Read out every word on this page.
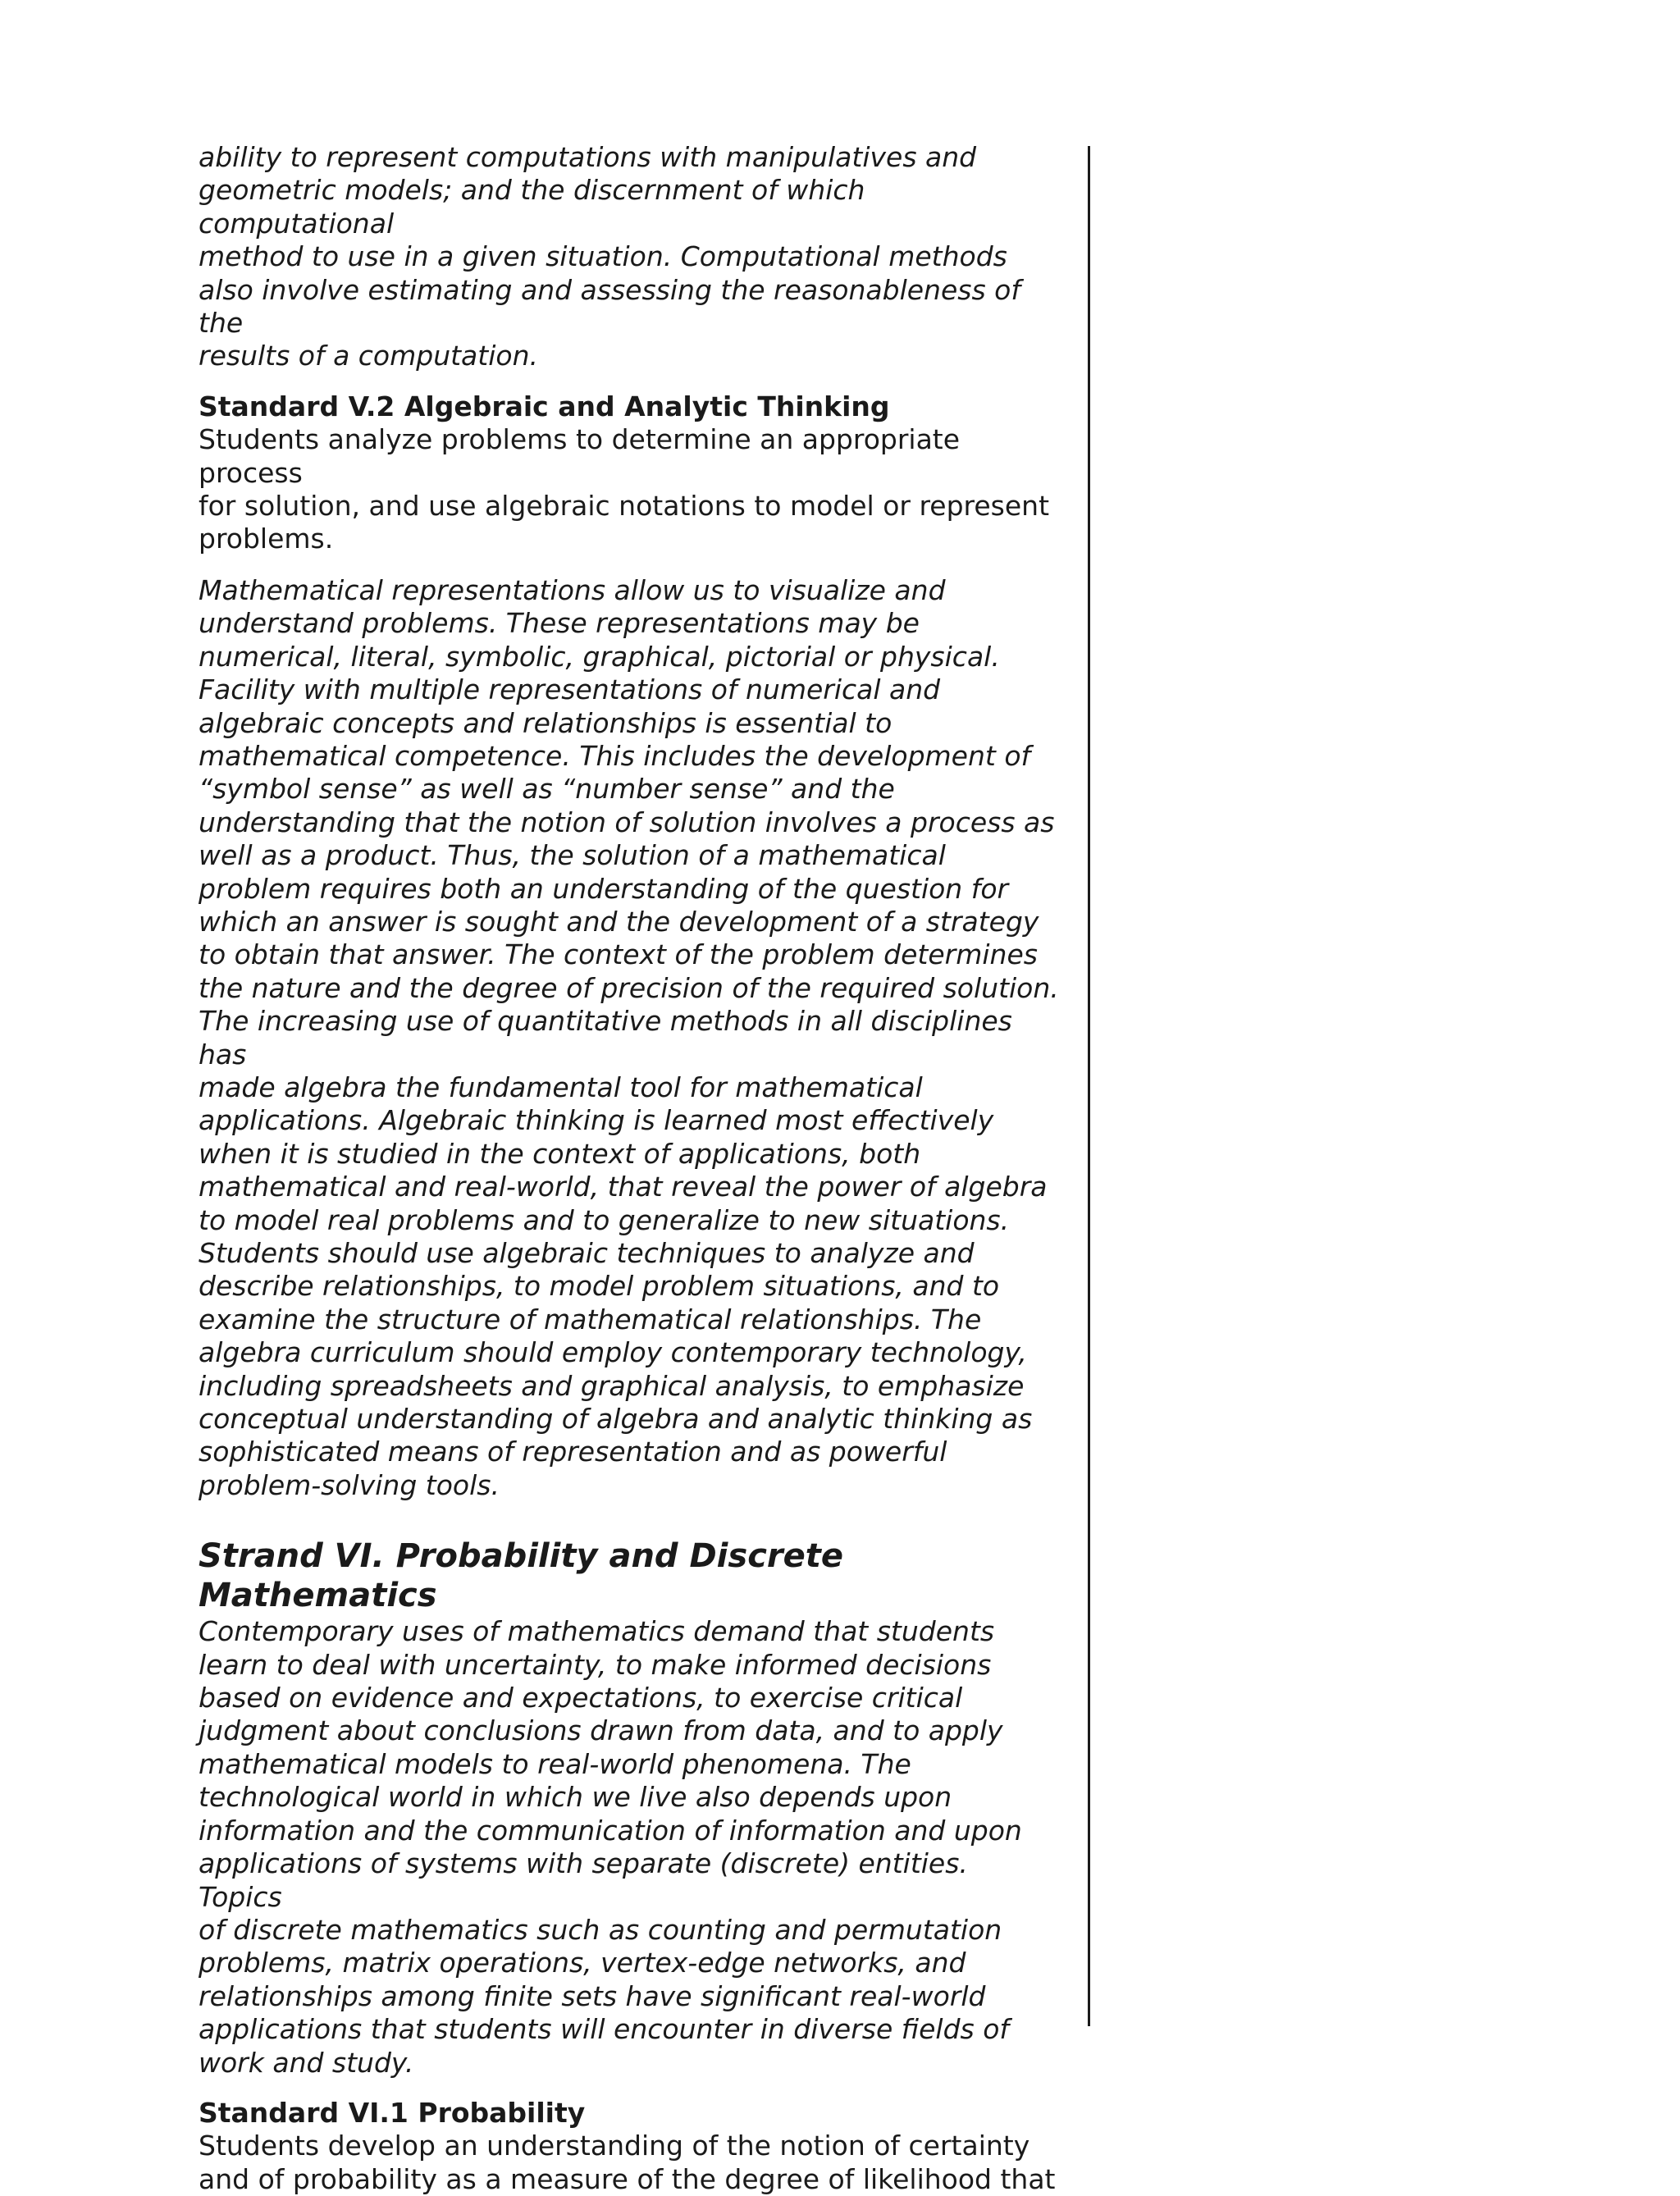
ability to represent computations with manipulatives and
geometric models; and the discernment of which computational
method to use in a given situation. Computational methods
also involve estimating and assessing the reasonableness of the
results of a computation.

Standard V.2 Algebraic and Analytic Thinking

Students analyze problems to determine an appropriate process
for solution, and use algebraic notations to model or represent
problems.

Mathematical representations allow us to visualize and
understand problems. These representations may be
numerical, literal, symbolic, graphical, pictorial or physical.
Facility with multiple representations of numerical and
algebraic concepts and relationships is essential to
mathematical competence. This includes the development of
“symbol sense” as well as “number sense” and the
understanding that the notion of solution involves a process as
well as a product. Thus, the solution of a mathematical
problem requires both an understanding of the question for
which an answer is sought and the development of a strategy
to obtain that answer. The context of the problem determines
the nature and the degree of precision of the required solution.
The increasing use of quantitative methods in all disciplines has
made algebra the fundamental tool for mathematical
applications. Algebraic thinking is learned most effectively
when it is studied in the context of applications, both
mathematical and real-world, that reveal the power of algebra
to model real problems and to generalize to new situations.
Students should use algebraic techniques to analyze and
describe relationships, to model problem situations, and to
examine the structure of mathematical relationships. The
algebra curriculum should employ contemporary technology,
including spreadsheets and graphical analysis, to emphasize
conceptual understanding of algebra and analytic thinking as
sophisticated means of representation and as powerful
problem-solving tools.

Strand VI. Probability and Discrete
Mathematics

Contemporary uses of mathematics demand that students
learn to deal with uncertainty, to make informed decisions
based on evidence and expectations, to exercise critical
judgment about conclusions drawn from data, and to apply
mathematical models to real-world phenomena. The
technological world in which we live also depends upon
information and the communication of information and upon
applications of systems with separate (discrete) entities. Topics
of discrete mathematics such as counting and permutation
problems, matrix operations, vertex-edge networks, and
relationships among finite sets have significant real-world
applications that students will encounter in diverse fields of
work and study.

Standard VI.1 Probability

Students develop an understanding of the notion of certainty
and of probability as a measure of the degree of likelihood that
